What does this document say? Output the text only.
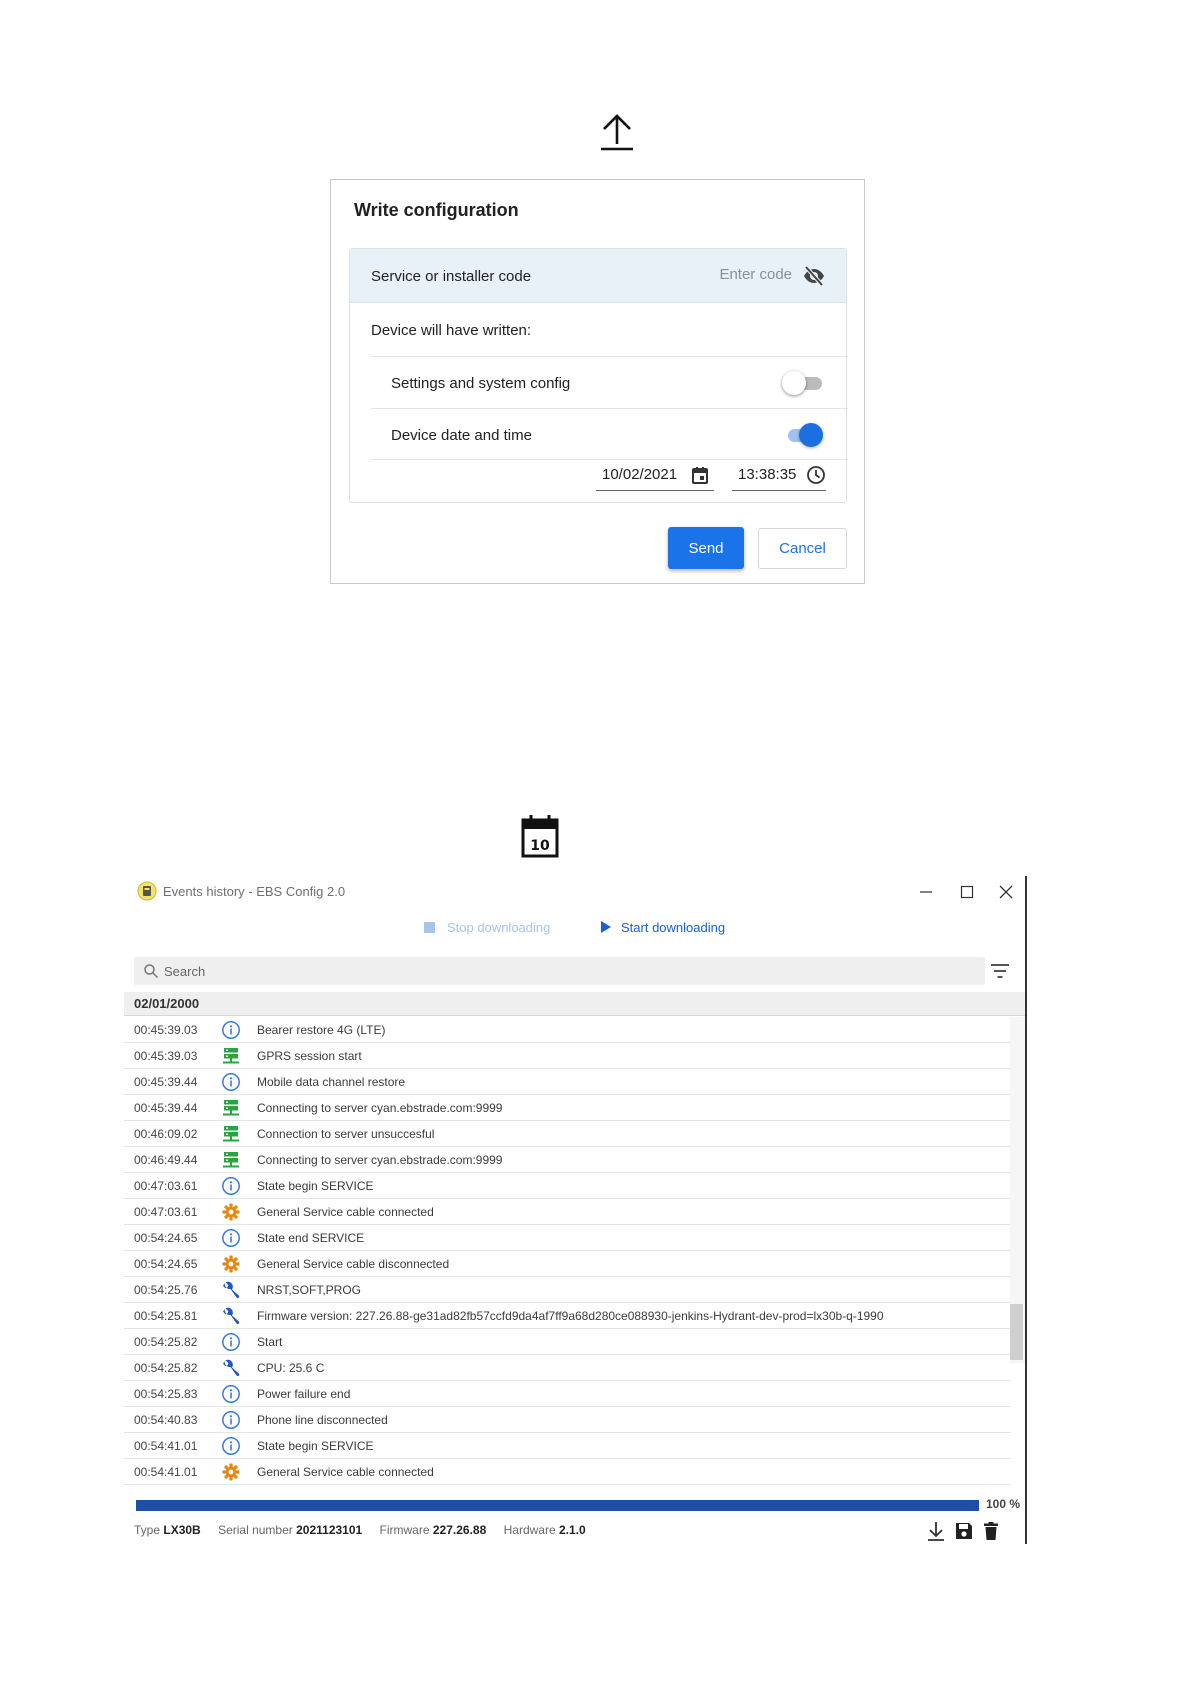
Write configuration
Service or installer code
Device will have written:
Settings and system config
Device date and time
10/02/2021	13:38:35
Send	Cancel
10
Events history - EBS Config 2.0
Stop downloading	Start downloading
Search
02/01/2000
00:45:39.03	Bearer restore 4G (LTE)
00:45:39.03	GPRS session start
00:45:39.44	Mobile data channel restore
00:45:39.44	Connecting to server cyan.ebstrade.com:9999
00:46:09.02	Connection to server unsuccesful
00:46:49.44	Connecting to server cyan.ebstrade.com:9999
00:47:03.61	State begin SERVICE
00:47:03.61	General Service cable connected
00:54:24.65	State end SERVICE
00:54:24.65	General Service cable disconnected
00:54:25.76	NRST,SOFT,PROG
00:54:25.81	Firmware version: 227.26.88-ge31ad82fb57ccfd9da4af7ff9a68d280ce088930-jenkins-Hydrant-dev-prod=lx30b-q-1990
00:54:25.82	Start
00:54:25.82	CPU: 25.6 C
00:54:25.83	Power failure end
00:54:40.83	Phone line disconnected
00:54:41.01	State begin SERVICE
00:54:41.01	General Service cable connected
100 %
Type LX30B Serial number 2021123101 Firmware 227.26.88 Hardware 2.1.0
